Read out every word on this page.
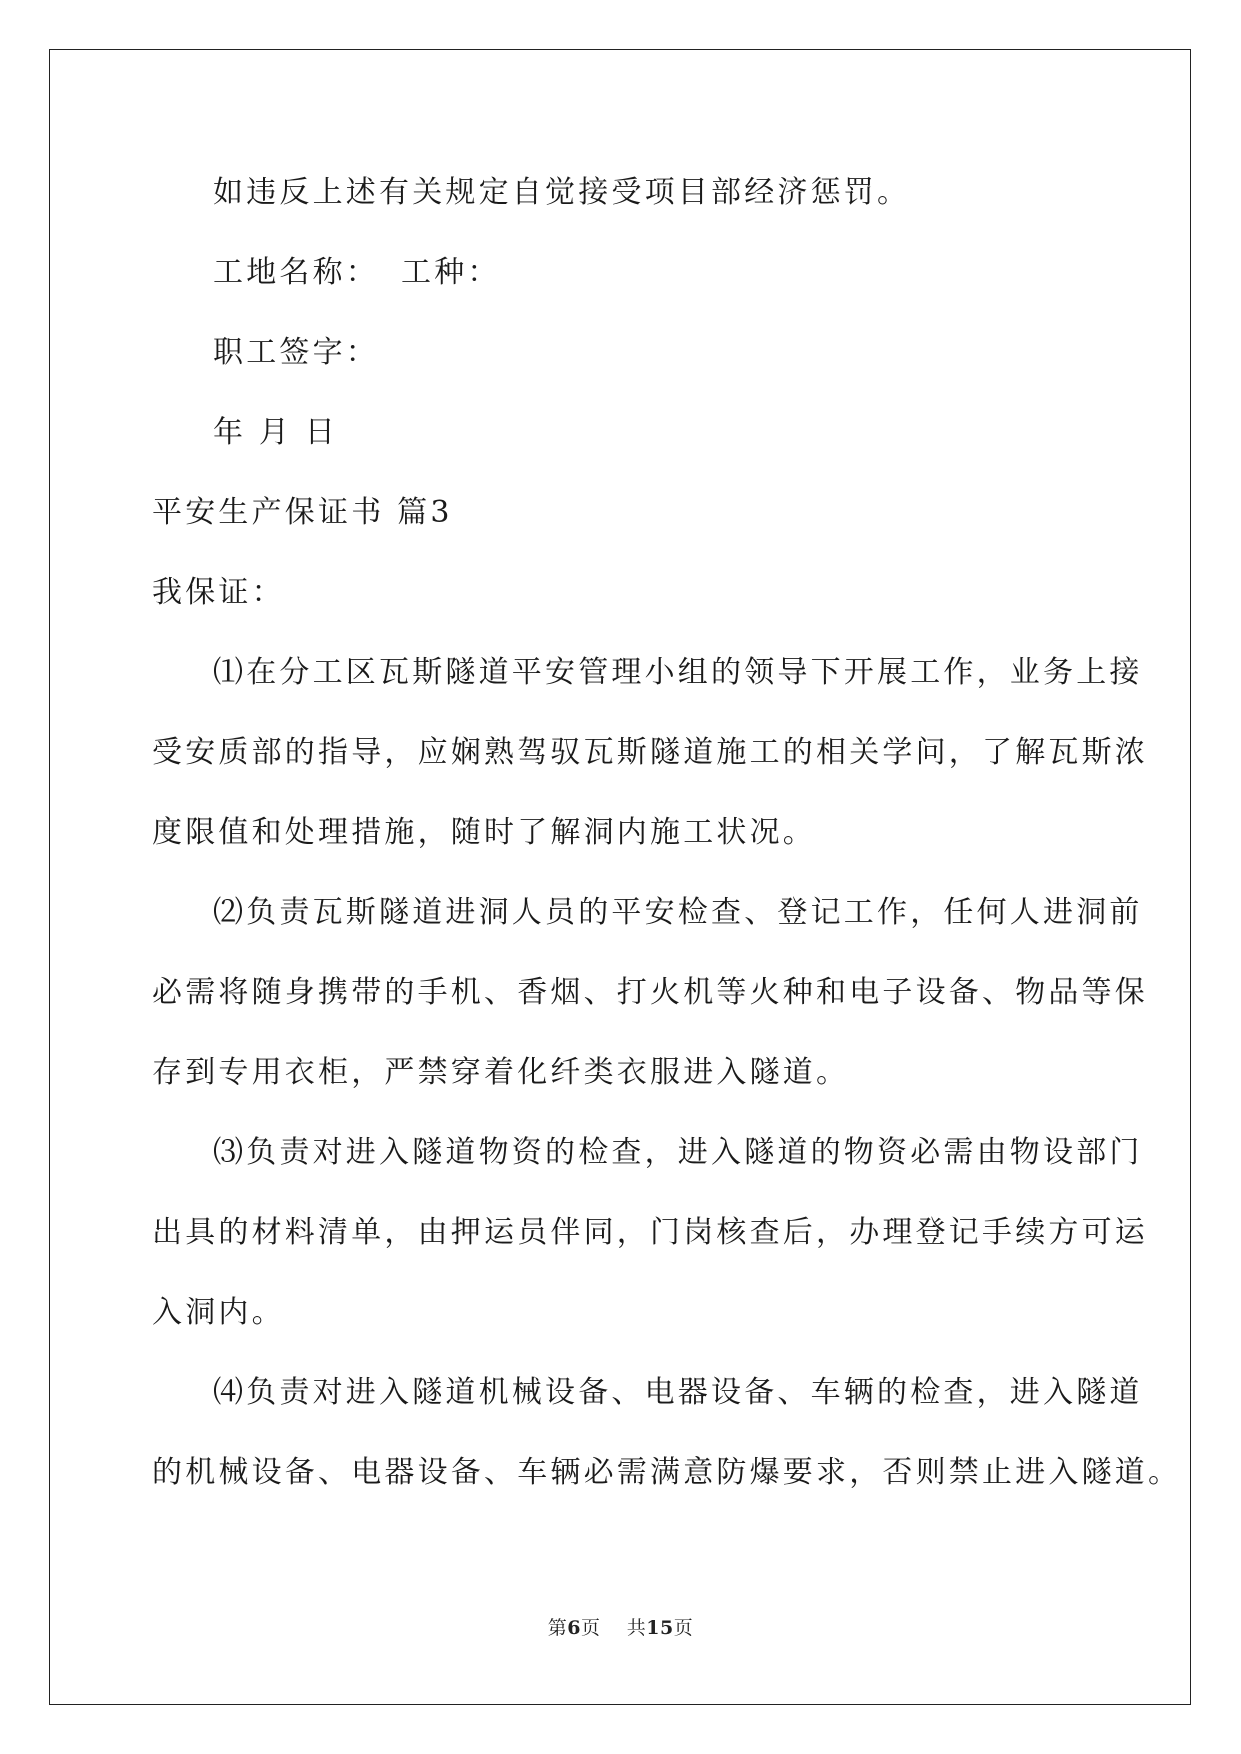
如违反上述有关规定自觉接受项目部经济惩罚。
工地名称： 工种：
职工签字：
年 月 日
平安生产保证书 篇3
我保证：
⑴在分工区瓦斯隧道平安管理小组的领导下开展工作，业务上接
受安质部的指导，应娴熟驾驭瓦斯隧道施工的相关学问，了解瓦斯浓
度限值和处理措施，随时了解洞内施工状况。
⑵负责瓦斯隧道进洞人员的平安检查、登记工作，任何人进洞前
必需将随身携带的手机、香烟、打火机等火种和电子设备、物品等保
存到专用衣柜，严禁穿着化纤类衣服进入隧道。
⑶负责对进入隧道物资的检查，进入隧道的物资必需由物设部门
出具的材料清单，由押运员伴同，门岗核查后，办理登记手续方可运
入洞内。
⑷负责对进入隧道机械设备、电器设备、车辆的检查，进入隧道
的机械设备、电器设备、车辆必需满意防爆要求，否则禁止进入隧道。
第6页 共15页
